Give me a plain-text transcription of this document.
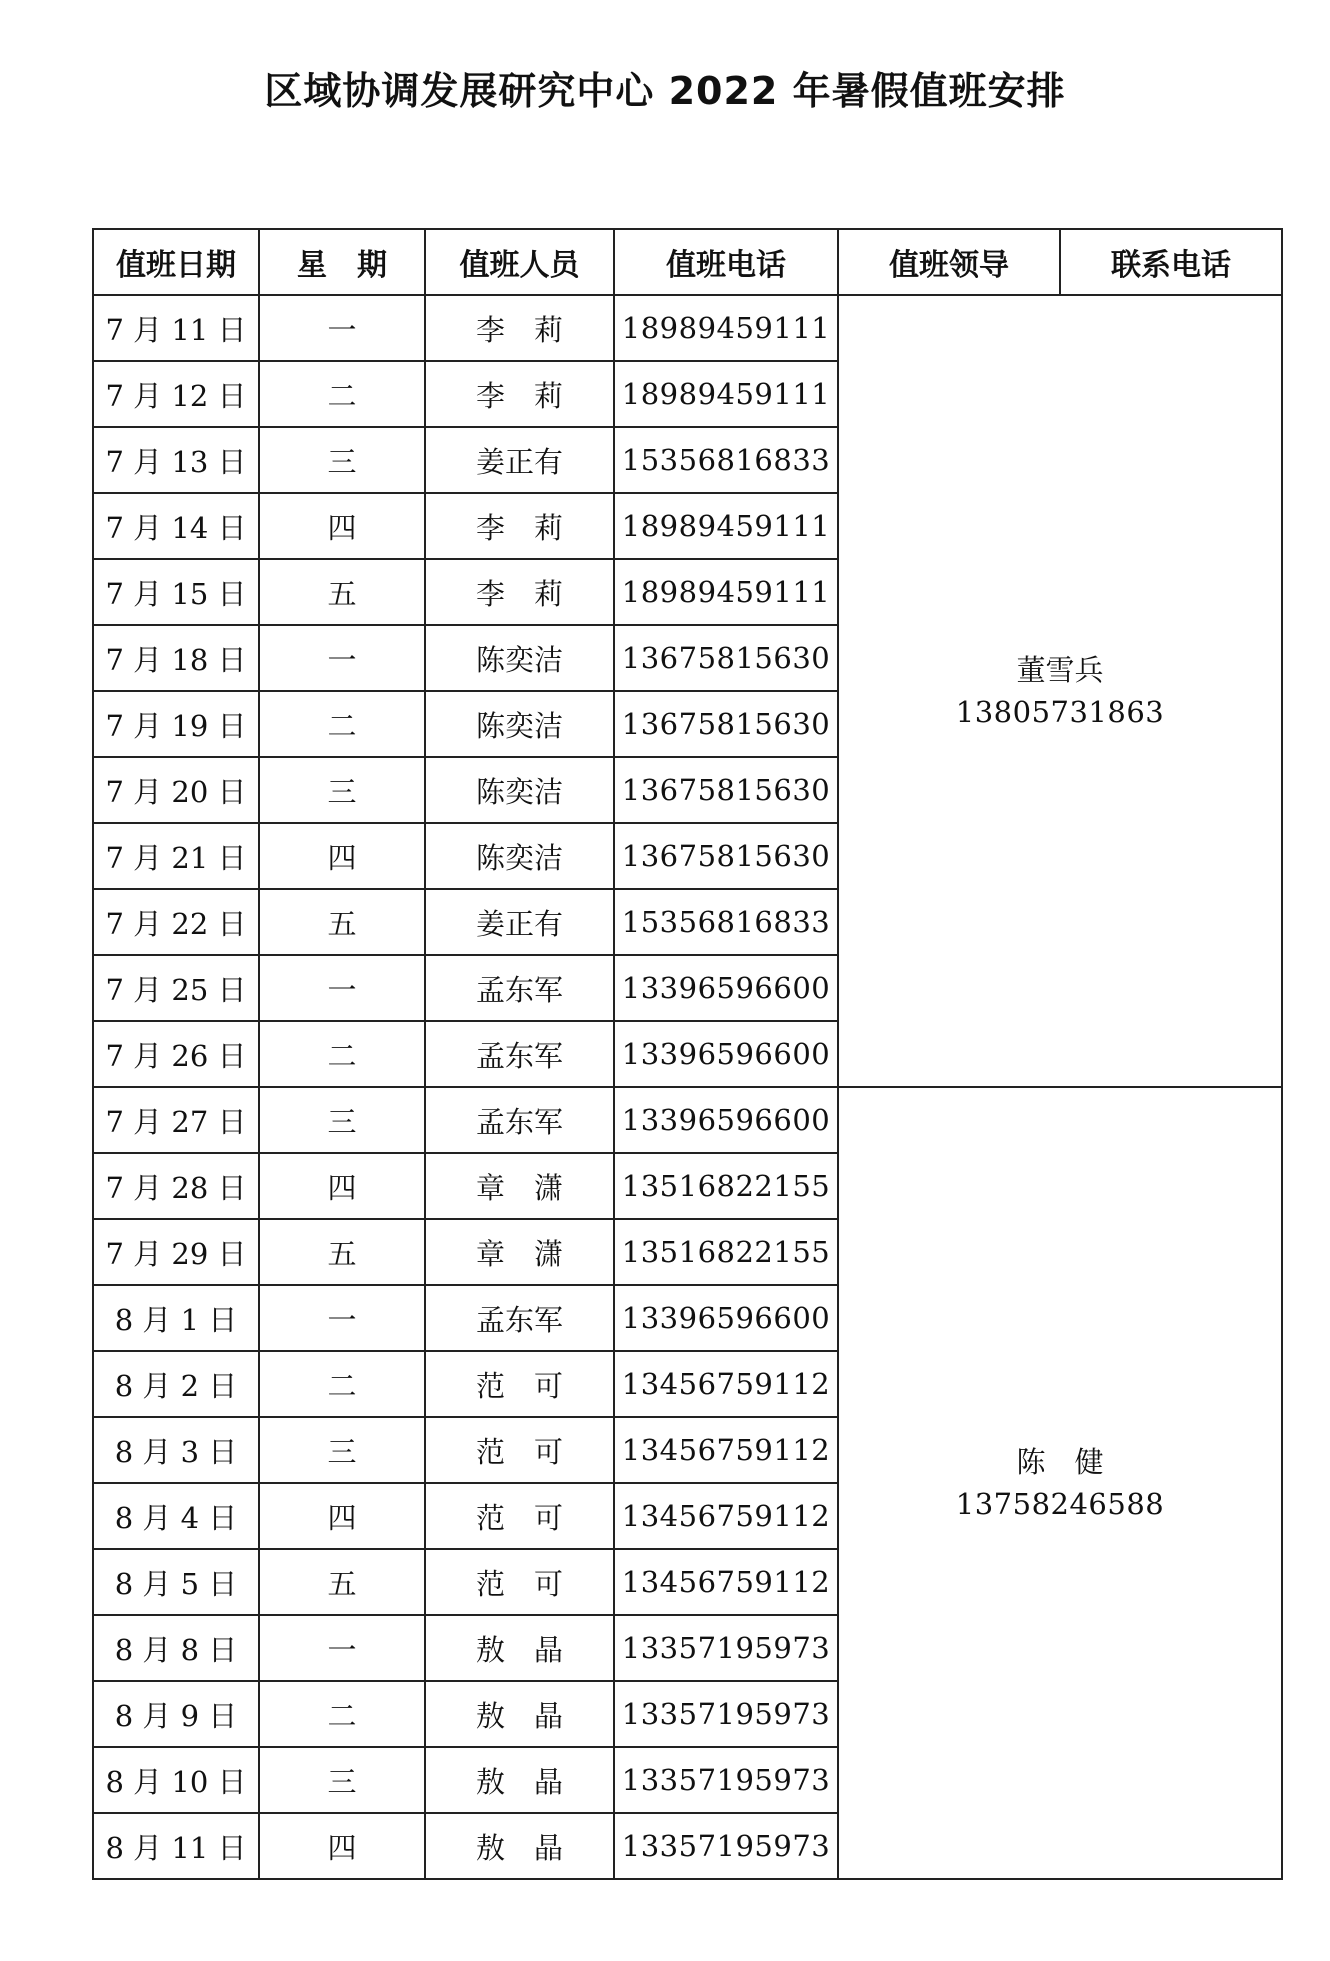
区域协调发展研究中心 2022 年暑假值班安排
值班日期	星　期	值班人员	值班电话	值班领导	联系电话
7 月 11 日	一	李　莉	18989459111	董雪兵
13805731863	

7 月 12 日	二	李　莉	18989459111		
7 月 13 日	三	姜正有	15356816833		
7 月 14 日	四	李　莉	18989459111		
7 月 15 日	五	李　莉	18989459111		
7 月 18 日	一	陈奕洁	13675815630		
7 月 19 日	二	陈奕洁	13675815630		
7 月 20 日	三	陈奕洁	13675815630		
7 月 21 日	四	陈奕洁	13675815630		
7 月 22 日	五	姜正有	15356816833		
7 月 25 日	一	孟东军	13396596600		
7 月 26 日	二	孟东军	13396596600		
7 月 27 日	三	孟东军	13396596600	陈　健
13758246588	

7 月 28 日	四	章　潇	13516822155		
7 月 29 日	五	章　潇	13516822155		
8 月 1 日	一	孟东军	13396596600		
8 月 2 日	二	范　可	13456759112		
8 月 3 日	三	范　可	13456759112		
8 月 4 日	四	范　可	13456759112		
8 月 5 日	五	范　可	13456759112		
8 月 8 日	一	敖　晶	13357195973		
8 月 9 日	二	敖　晶	13357195973		
8 月 10 日	三	敖　晶	13357195973		
8 月 11 日	四	敖　晶	13357195973		
